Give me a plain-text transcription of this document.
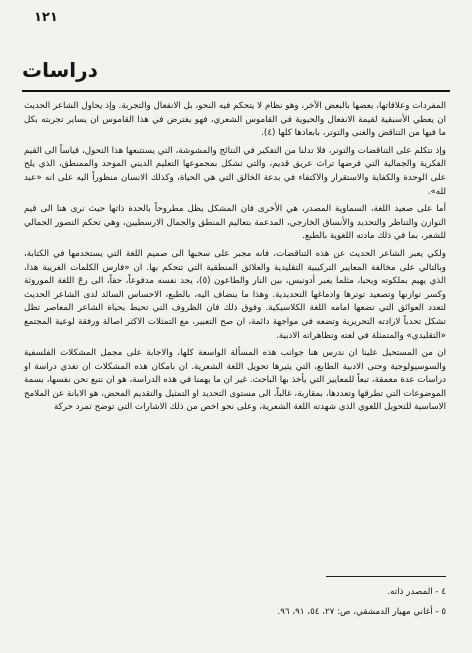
١٢١
دراسات

المفردات وعلاقاتها، بعضها بالبعض الآخر، وهو نظام لا يتحكم فيه النحو، بل الانفعال والتجربة. وإذ يحاول الشاعر الحديث ان يعطي الأسبقية لقيمة الانفعال والحيوية في القاموس الشعري، فهو يفترض في هذا القاموس ان يساير تجربته بكل ما فيها من التناقض والغنى والتوتر، بابعادها كلها (٤).

وإذ نتكلم على التناقضات والتوتر، فلا تدلنا من التفكير في النتائج والمشوشة، التي يستتبعها هذا التحول، قياساً الى القيم الفكرية والجمالية التي فرضها تراث عريق قديم، والتي تشكل بمجموعها التعليم الديني الموحد والممنطق، الذي يلح على الوحدة والكفاية والاستقرار والاكتفاء في بدعة الخالق التي هي الحياة، وكذلك الانسان منظوراً اليه على انه «عبد لله».

أما على صعيد اللغة، السماوية المصدر، هي الأخرى فان المشكل يظل مطروحاً بالحدة ذاتها حيث نرى هنا الى قيم التوازن والتناظر والتحديد والأنساق الخارجي، المدعمة بتعاليم المنطق والجمال الارسطيين، وهي تحكم التصور الجمالي للشعر، بما في ذلك مادته اللغوية بالطبع.

ولكي يعبر الشاعر الحديث عن هذه التناقضات، فانه مجبر على سحبها الى صميم اللغة التي يستخدمها في الكتابة، وبالتالي على مخالفة المعايير التركيبية التقليدية والعلائق المنطقية التي تتحكم بها. ان «فارس الكلمات الغريبة هذا، الذي يهيم بملكوته ويحيا، مثلما يعبر أدونيس، بين النار والطاعون (٥)، يجد نفسه مدفوعاً، حقاً، الى رجّ اللغة الموروثة وكسر توازنها وتصعيد توترها وادماغها التحديدية. وهذا ما ينضاف اليه، بالطبع، الاحساس السائد لدى الشاعر الحديث لتعدد العوائق التي تضعها امامه اللغة الكلاسيكية. وفوق ذلك فان الظروف التي تحيط بحياة الشاعر المعاصر تظل تشكل تحدياً لارادته التحريرية وتضعه في مواجهة دائمة، ان صح التعبير، مع التمثلات الاكثر اصالة ورفقة لوعية المجتمع «التقليدي» والمتمثلة في لغته وتظاهراته الادبية.

ان من المستحيل علينا ان ندرس هنا جوانب هذه المسألة الواسعة كلها، والاجابة على مجمل المشكلات الفلسفية والسوسيولوجية وحتى الادبية الطابع، التي يثيرها تحويل اللغة الشعرية. ان بامكان هذه المشكلات ان تغذي دراسة او دراسات عدة معمقة، تبعاً للمعايير التي يأخذ بها الباحث. غير ان ما يهمنا في هذه الدراسة، هو ان نتبع نحن نفسها، بسمة الموضوعات التي تطرقها وتعددها، بمقاربة، غالباً، الى مستوى التحديد او التمثيل والتقديم المحض، هو الابانة عن الملامح الاساسية للتحويل اللغوي الذي شهدته اللغة الشعرية، وعلى نحو اخص من ذلك الاشارات التي توضح تمرد حركة

٤ - المصدر ذاته.

٥ - أغاني مهيار الدمشقي، ص: ٢٧، ٥٤، ٩١، ٩٦.
